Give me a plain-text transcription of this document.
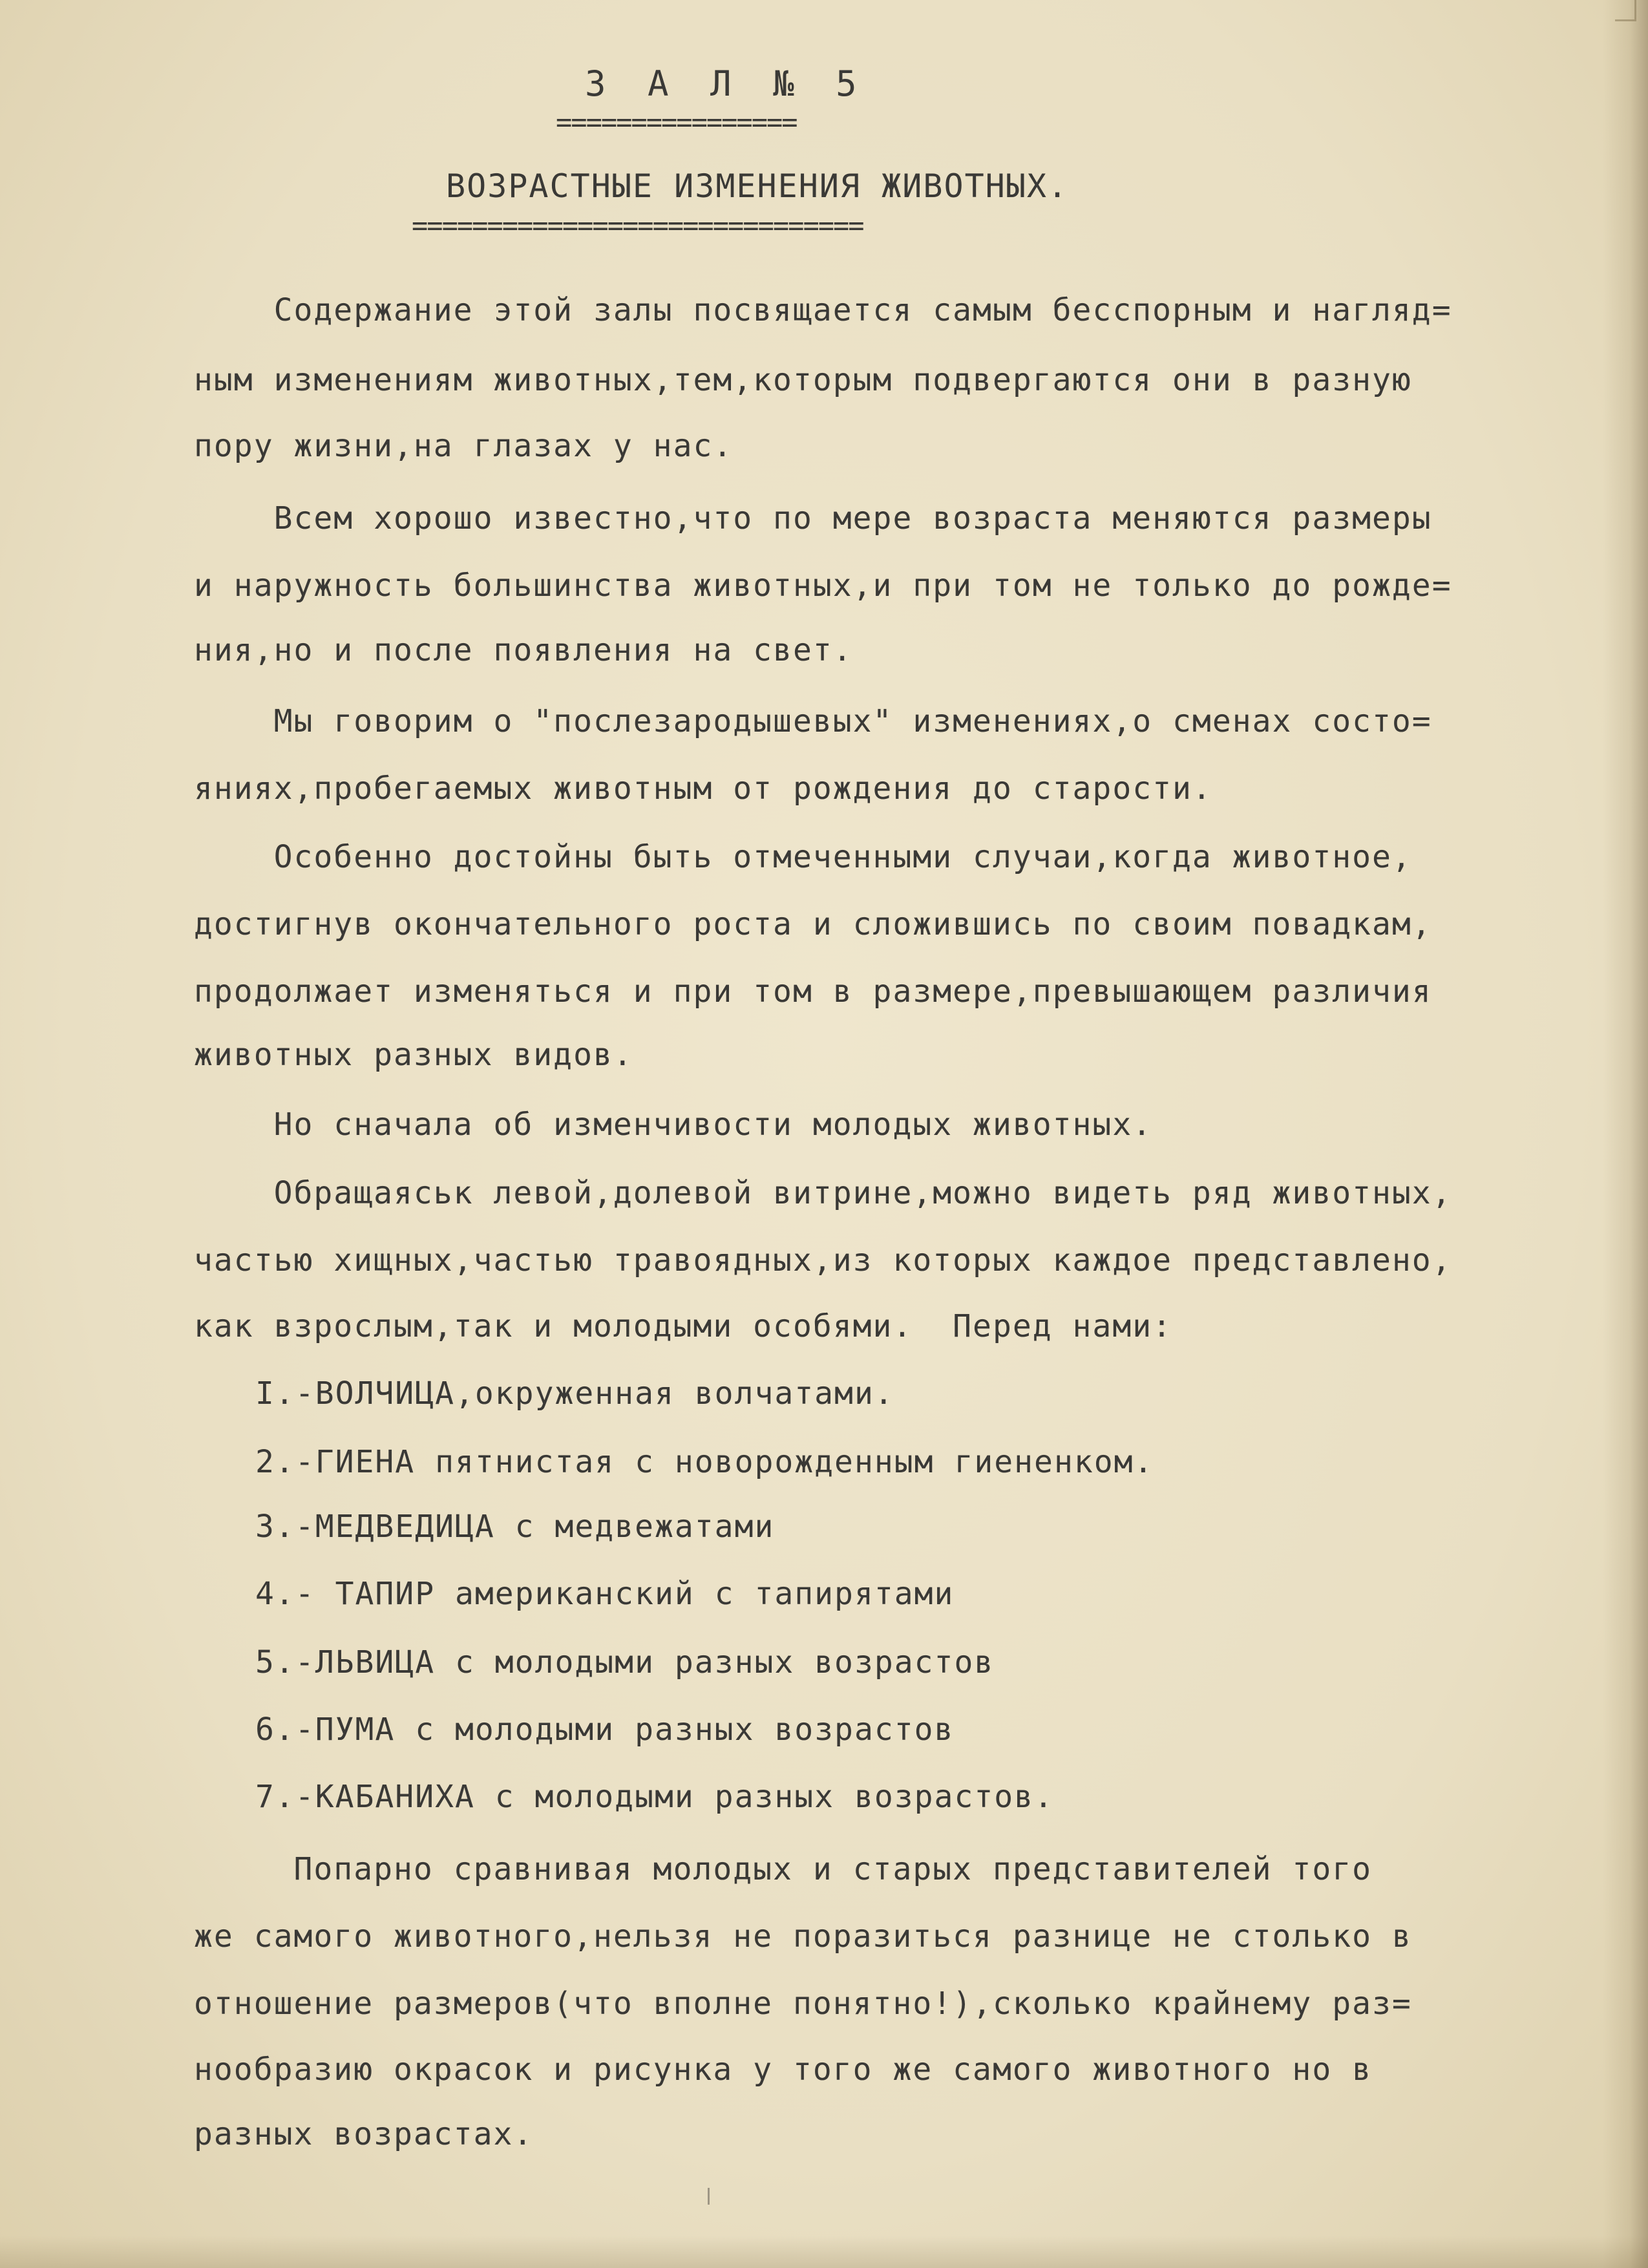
З А Л № 5
================
ВОЗРАСТНЫЕ ИЗМЕНЕНИЯ ЖИВОТНЫХ.
==============================
Содержание этой залы посвящается самым бесспорным и нагляд=
ным изменениям животных,тем,которым подвергаются они в разную
пору жизни,на глазах у нас.
Всем хорошо известно,что по мере возраста меняются размеры
и наружность большинства животных,и при том не только до рожде=
ния,но и после появления на свет.
Мы говорим о "послезародышевых" изменениях,о сменах состо=
яниях,пробегаемых животным от рождения до старости.
Особенно достойны быть отмеченными случаи,когда животное,
достигнув окончательного роста и сложившись по своим повадкам,
продолжает изменяться и при том в размере,превышающем различия
животных разных видов.
Но сначала об изменчивости молодых животных.
Обращаяськ левой,долевой витрине,можно видеть ряд животных,
частью хищных,частью травоядных,из которых каждое представлено,
как взрослым,так и молодыми особями.  Перед нами:
I.-ВОЛЧИЦА,окруженная волчатами.
2.-ГИЕНА пятнистая с новорожденным гиененком.
3.-МЕДВЕДИЦА с медвежатами
4.- ТАПИР американский с тапирятами
5.-ЛЬВИЦА с молодыми разных возрастов
6.-ПУМА с молодыми разных возрастов
7.-КАБАНИХА с молодыми разных возрастов.
Попарно сравнивая молодых и старых представителей того
же самого животного,нельзя не поразиться разнице не столько в
отношение размеров(что вполне понятно!),сколько крайнему раз=
нообразию окрасок и рисунка у того же самого животного но в
разных возрастах.
